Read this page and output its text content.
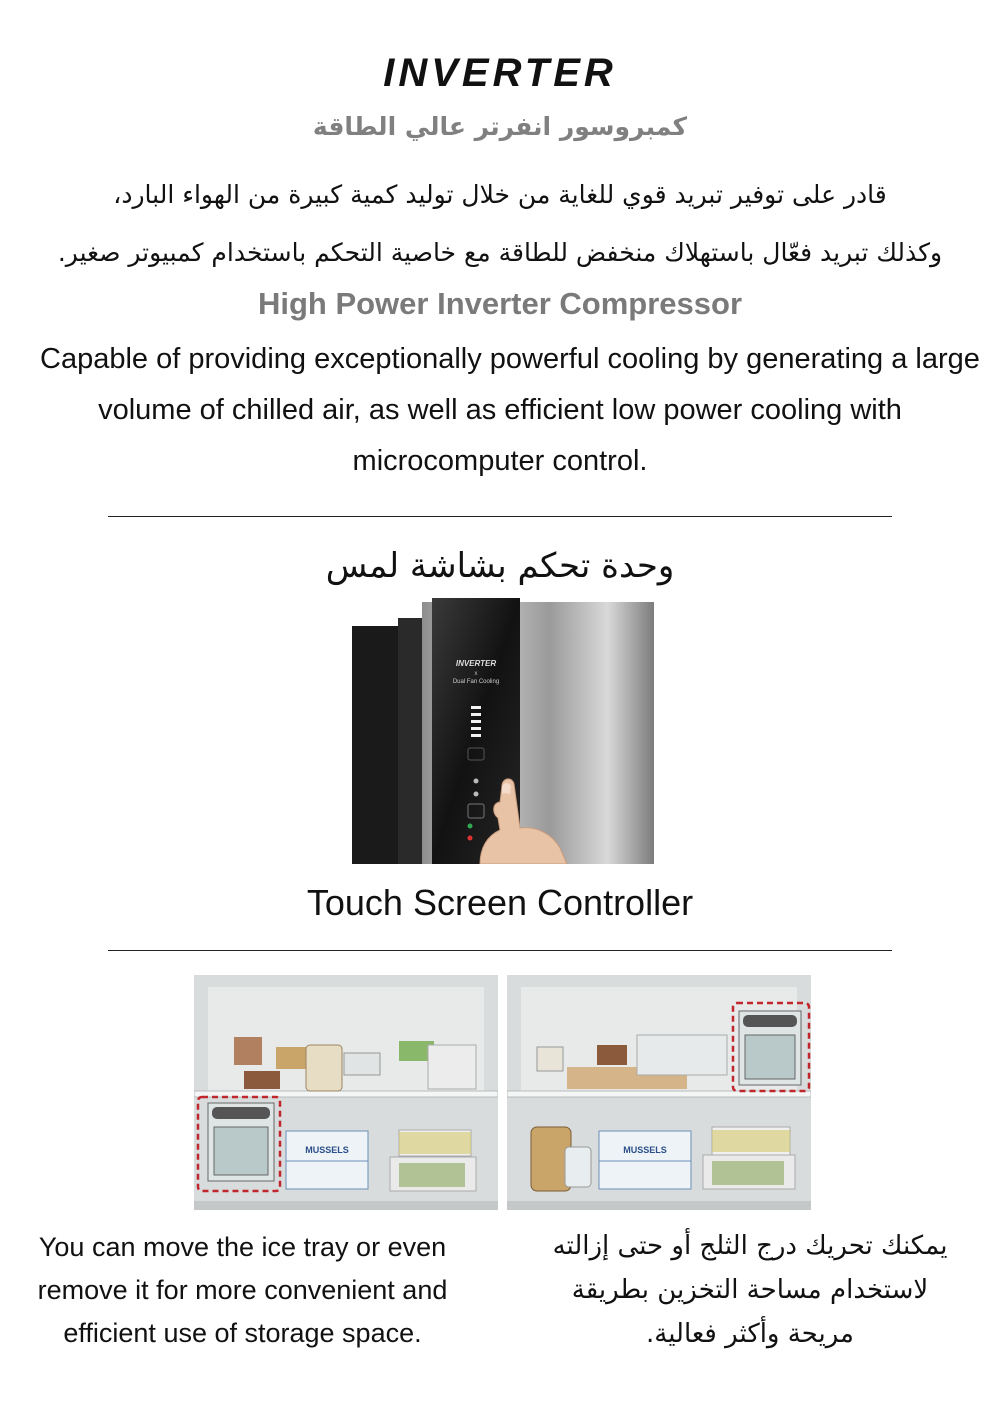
INVERTER
كمبروسور انفرتر عالي الطاقة
قادر على توفير تبريد قوي للغاية من خلال توليد كمية كبيرة من الهواء البارد،
وكذلك تبريد فعّال باستهلاك منخفض للطاقة مع خاصية التحكم باستخدام كمبيوتر صغير.
High Power Inverter Compressor
Capable of providing exceptionally powerful cooling by generating a large
volume of chilled air, as well as efficient low power cooling with
microcomputer control.
وحدة تحكم بشاشة لمس
INVERTER
x
Dual Fan Cooling
Touch Screen Controller
MUSSELS	MUSSELS
You can move the ice tray or even
remove it for more convenient and
efficient use of storage space.
يمكنك تحريك درج الثلج أو حتى إزالته
لاستخدام مساحة التخزين بطريقة
مريحة وأكثر فعالية.
